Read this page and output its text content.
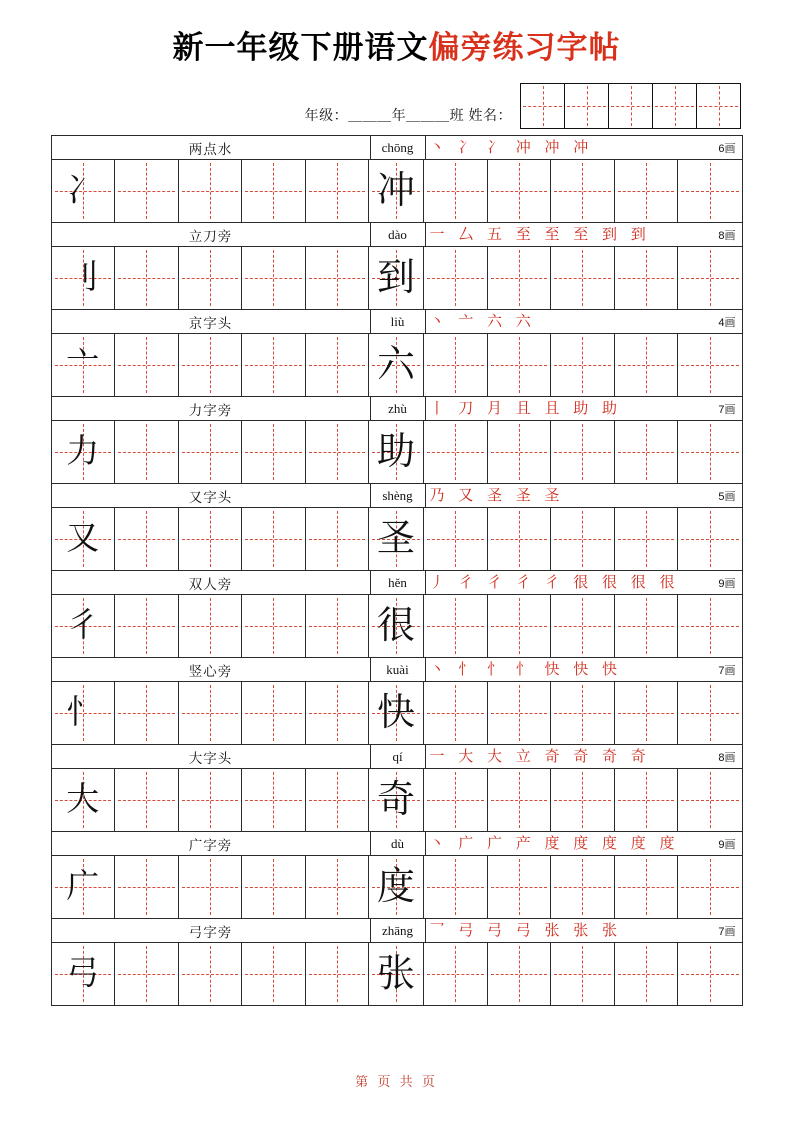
新一年级下册语文偏旁练习字帖
年级：＿＿＿年＿＿＿班 姓名：
两点水	chōng	丶 冫 冫 冲 冲 冲	6画
冫	冲
立刀旁	dào	一 厶 五 至 至 至 到 到	8画
刂	到
京字头	liù	丶 亠 六 六	4画
亠	六
力字旁	zhù	丨 刀 月 且 且 助 助	7画
力	助
又字头	shèng	乃 又 圣 圣 圣	5画
又	圣
双人旁	hěn	丿 彳 彳 彳 彳 很 很 很 很	9画
彳	很
竖心旁	kuài	丶 忄 忄 忄 快 快 快	7画
忄	快
大字头	qí	一 大 大 立 奇 奇 奇 奇	8画
大	奇
广字旁	dù	丶 广 广 产 度 度 度 度 度	9画
广	度
弓字旁	zhāng	乛 弓 弓 弓 张 张 张	7画
弓	张
第 页 共 页
